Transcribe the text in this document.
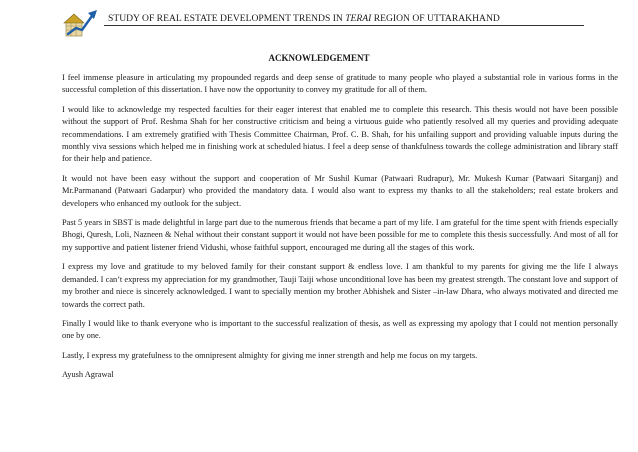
STUDY OF REAL ESTATE DEVELOPMENT TRENDS IN TERAI REGION OF UTTARAKHAND
ACKNOWLEDGEMENT

I feel immense pleasure in articulating my propounded regards and deep sense of gratitude to many people who played a substantial role in various forms in the successful completion of this dissertation. I have now the opportunity to convey my gratitude for all of them.

I would like to acknowledge my respected faculties for their eager interest that enabled me to complete this research. This thesis would not have been possible without the support of Prof. Reshma Shah for her constructive criticism and being a virtuous guide who patiently resolved all my queries and providing adequate recommendations. I am extremely gratified with Thesis Committee Chairman, Prof. C. B. Shah, for his unfailing support and providing valuable inputs during the monthly viva sessions which helped me in finishing work at scheduled hiatus. I feel a deep sense of thankfulness towards the college administration and library staff for their help and patience.

It would not have been easy without the support and cooperation of Mr Sushil Kumar (Patwaari Rudrapur), Mr. Mukesh Kumar (Patwaari Sitarganj) and Mr.Parmanand (Patwaari Gadarpur) who provided the mandatory data. I would also want to express my thanks to all the stakeholders; real estate brokers and developers who enhanced my outlook for the subject.

Past 5 years in SBST is made delightful in large part due to the numerous friends that became a part of my life. I am grateful for the time spent with friends especially Bhogi, Quresh, Loli, Nazneen & Nehal without their constant support it would not have been possible for me to complete this thesis successfully. And most of all for my supportive and patient listener friend Vidushi, whose faithful support, encouraged me during all the stages of this work.

I express my love and gratitude to my beloved family for their constant support & endless love. I am thankful to my parents for giving me the life I always demanded. I can’t express my appreciation for my grandmother, Tauji Taiji whose unconditional love has been my greatest strength. The constant love and support of my brother and niece is sincerely acknowledged. I want to specially mention my brother Abhishek and Sister –in-law Dhara, who always motivated and directed me towards the correct path.

Finally I would like to thank everyone who is important to the successful realization of thesis, as well as expressing my apology that I could not mention personally one by one.

Lastly, I express my gratefulness to the omnipresent almighty for giving me inner strength and help me focus on my targets.

Ayush Agrawal
